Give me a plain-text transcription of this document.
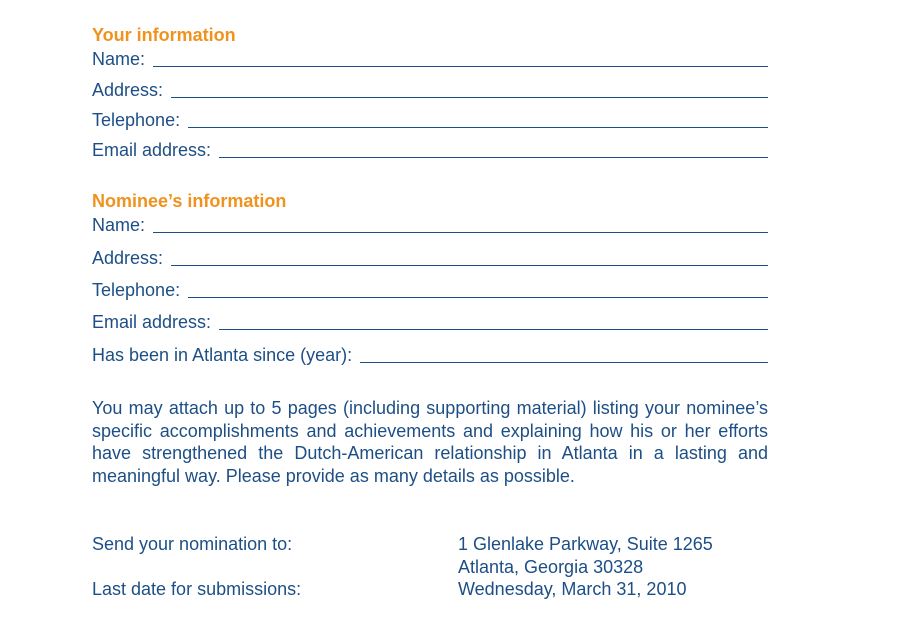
Your information
Name:
Address:
Telephone:
Email address:
Nominee’s information
Name:
Address:
Telephone:
Email address:
Has been in Atlanta since (year):
You may attach up to 5 pages (including supporting material) listing your nominee’s specific accomplishments and achievements and explaining how his or her efforts have strengthened the Dutch-American relationship in Atlanta in a lasting and meaningful way. Please provide as many details as possible.
Send your nomination to:	1 Glenlake Parkway, Suite 1265
Atlanta, Georgia 30328
Last date for submissions:	Wednesday, March 31, 2010
